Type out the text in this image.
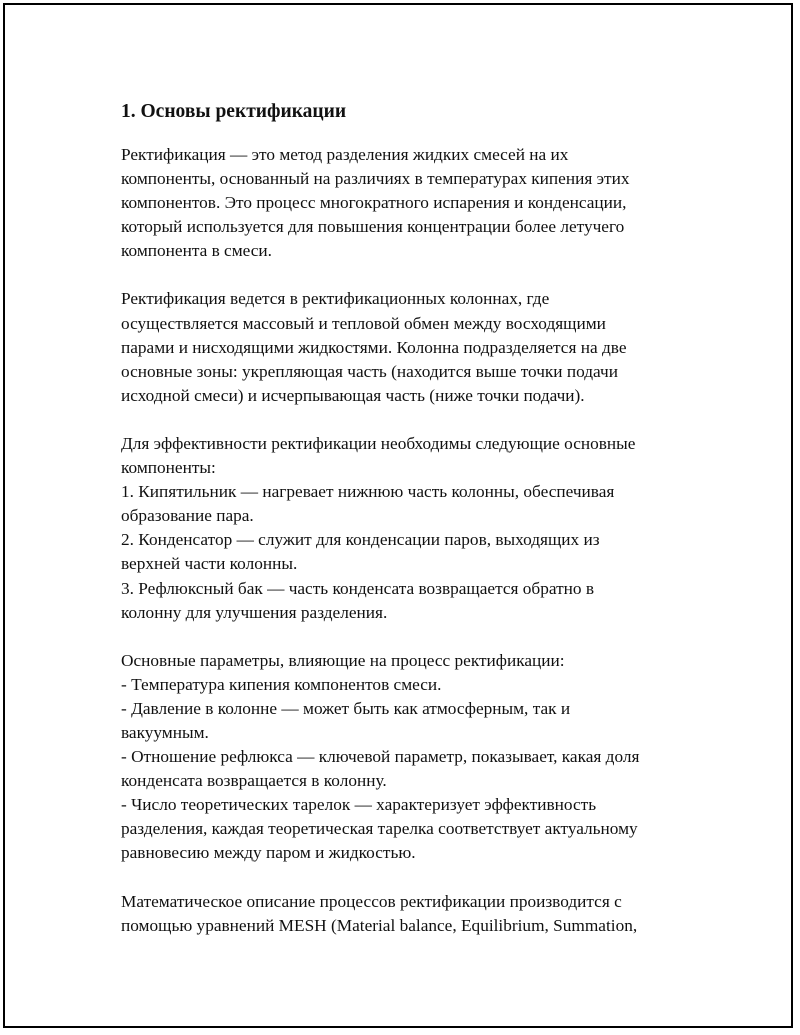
1. Основы ректификации
Ректификация — это метод разделения жидких смесей на их
компоненты, основанный на различиях в температурах кипения этих
компонентов. Это процесс многократного испарения и конденсации,
который используется для повышения концентрации более летучего
компонента в смеси.
Ректификация ведется в ректификационных колоннах, где
осуществляется массовый и тепловой обмен между восходящими
парами и нисходящими жидкостями. Колонна подразделяется на две
основные зоны: укрепляющая часть (находится выше точки подачи
исходной смеси) и исчерпывающая часть (ниже точки подачи).
Для эффективности ректификации необходимы следующие основные
компоненты:
1. Кипятильник — нагревает нижнюю часть колонны, обеспечивая
образование пара.
2. Конденсатор — служит для конденсации паров, выходящих из
верхней части колонны.
3. Рефлюксный бак — часть конденсата возвращается обратно в
колонну для улучшения разделения.
Основные параметры, влияющие на процесс ректификации:
- Температура кипения компонентов смеси.
- Давление в колонне — может быть как атмосферным, так и
вакуумным.
- Отношение рефлюкса — ключевой параметр, показывает, какая доля
конденсата возвращается в колонну.
- Число теоретических тарелок — характеризует эффективность
разделения, каждая теоретическая тарелка соответствует актуальному
равновесию между паром и жидкостью.
Математическое описание процессов ректификации производится с
помощью уравнений MESH (Material balance, Equilibrium, Summation,
